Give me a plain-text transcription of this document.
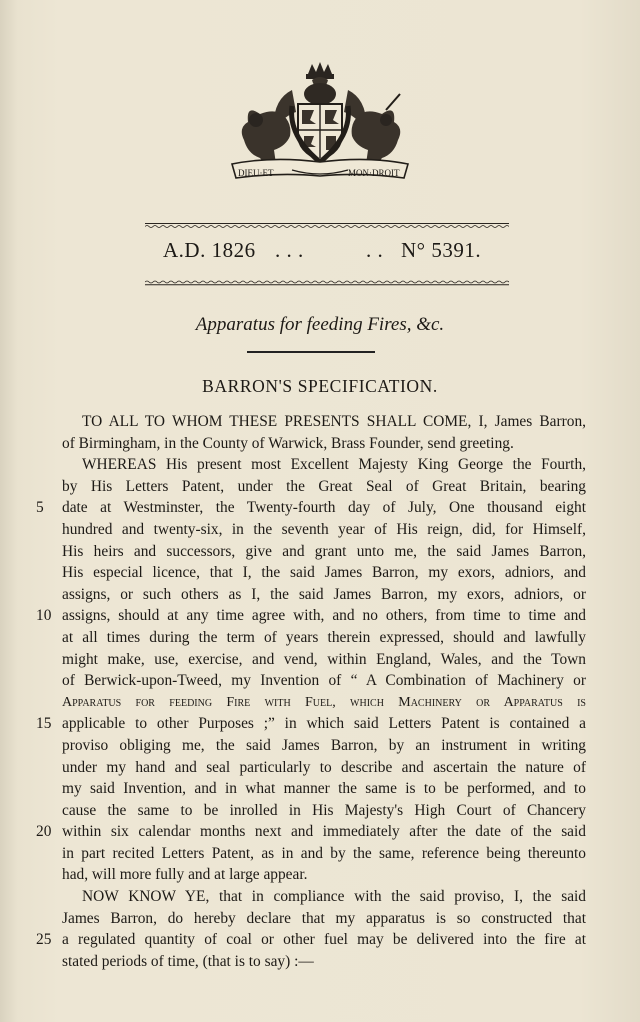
DIEU·ET	MON·DROIT
A.D. 1826 . . .	. . N° 5391.
Apparatus for feeding Fires, &c.
BARRON'S SPECIFICATION.
TO ALL TO WHOM THESE PRESENTS SHALL COME, I, James Barron,
of Birmingham, in the County of Warwick, Brass Founder, send greeting.
WHEREAS His present most Excellent Majesty King George the Fourth,
by His Letters Patent, under the Great Seal of Great Britain, bearing
5	date at Westminster, the Twenty-fourth day of July, One thousand eight
hundred and twenty-six, in the seventh year of His reign, did, for Himself,
His heirs and successors, give and grant unto me, the said James Barron,
His especial licence, that I, the said James Barron, my exors, adniors, and
assigns, or such others as I, the said James Barron, my exors, adniors, or
10 assigns, should at any time agree with, and no others, from time to time and
at all times during the term of years therein expressed, should and lawfully
might make, use, exercise, and vend, within England, Wales, and the Town
of Berwick-upon-Tweed, my Invention of “ A Combination of Machinery or
Apparatus for feeding Fire with Fuel, which Machinery or Apparatus is
15 applicable to other Purposes ;” in which said Letters Patent is contained a
proviso obliging me, the said James Barron, by an instrument in writing
under my hand and seal particularly to describe and ascertain the nature of
my said Invention, and in what manner the same is to be performed, and to
cause the same to be inrolled in His Majesty's High Court of Chancery
20 within six calendar months next and immediately after the date of the said
in part recited Letters Patent, as in and by the same, reference being thereunto
had, will more fully and at large appear.
NOW KNOW YE, that in compliance with the said proviso, I, the said
James Barron, do hereby declare that my apparatus is so constructed that
25 a regulated quantity of coal or other fuel may be delivered into the fire at
stated periods of time, (that is to say) :—
